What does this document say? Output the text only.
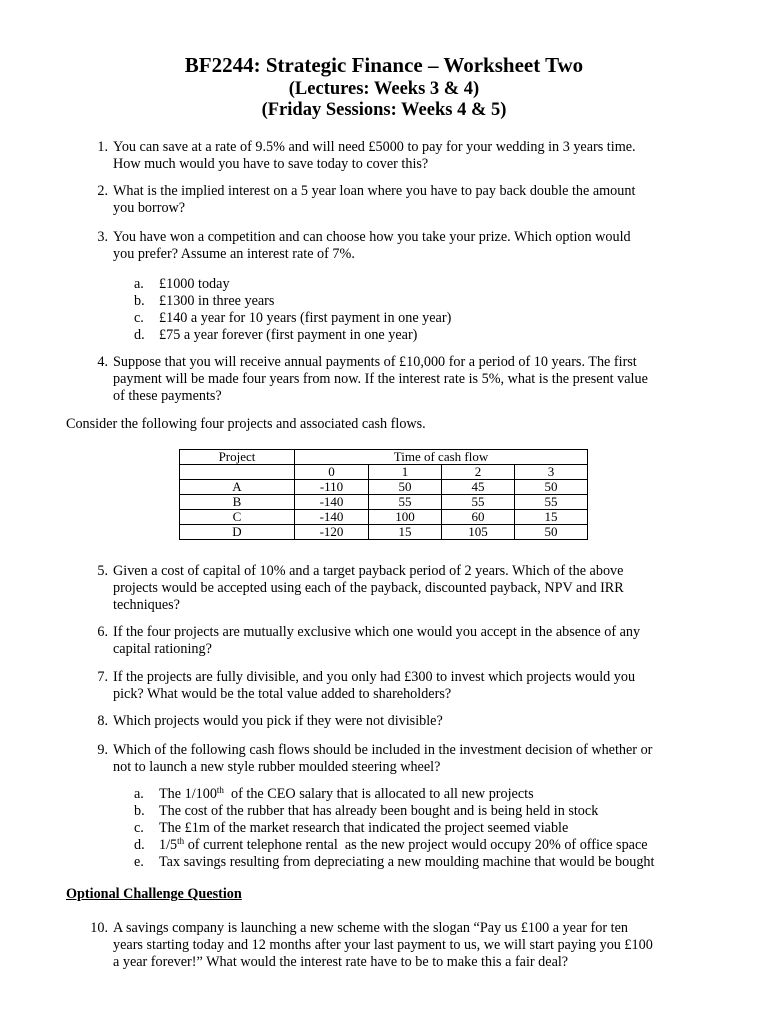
BF2244: Strategic Finance – Worksheet Two
(Lectures: Weeks 3 & 4)
(Friday Sessions: Weeks 4 & 5)
1. You can save at a rate of 9.5% and will need £5000 to pay for your wedding in 3 years time.
How much would you have to save today to cover this?
2. What is the implied interest on a 5 year loan where you have to pay back double the amount
you borrow?
3. You have won a competition and can choose how you take your prize. Which option would
you prefer? Assume an interest rate of 7%.
a.	£1000 today
b.	£1300 in three years
c.	£140 a year for 10 years (first payment in one year)
d.	£75 a year forever (first payment in one year)
4. Suppose that you will receive annual payments of £10,000 for a period of 10 years. The first
payment will be made four years from now. If the interest rate is 5%, what is the present value
of these payments?
Consider the following four projects and associated cash flows.
Project	Time of cash flow			
	0	1	2	3
A	-110	50	45	50
B	-140	55	55	55
C	-140	100	60	15
D	-120	15	105	50
5. Given a cost of capital of 10% and a target payback period of 2 years. Which of the above
projects would be accepted using each of the payback, discounted payback, NPV and IRR
techniques?
6. If the four projects are mutually exclusive which one would you accept in the absence of any
capital rationing?
7. If the projects are fully divisible, and you only had £300 to invest which projects would you
pick? What would be the total value added to shareholders?
8. Which projects would you pick if they were not divisible?
9. Which of the following cash flows should be included in the investment decision of whether or
not to launch a new style rubber moulded steering wheel?
a.	The 1/100th  of the CEO salary that is allocated to all new projects
b.	The cost of the rubber that has already been bought and is being held in stock
c.	The £1m of the market research that indicated the project seemed viable
d.	1/5th of current telephone rental  as the new project would occupy 20% of office space
e.	Tax savings resulting from depreciating a new moulding machine that would be bought
Optional Challenge Question
10. A savings company is launching a new scheme with the slogan “Pay us £100 a year for ten
years starting today and 12 months after your last payment to us, we will start paying you £100
a year forever!” What would the interest rate have to be to make this a fair deal?
